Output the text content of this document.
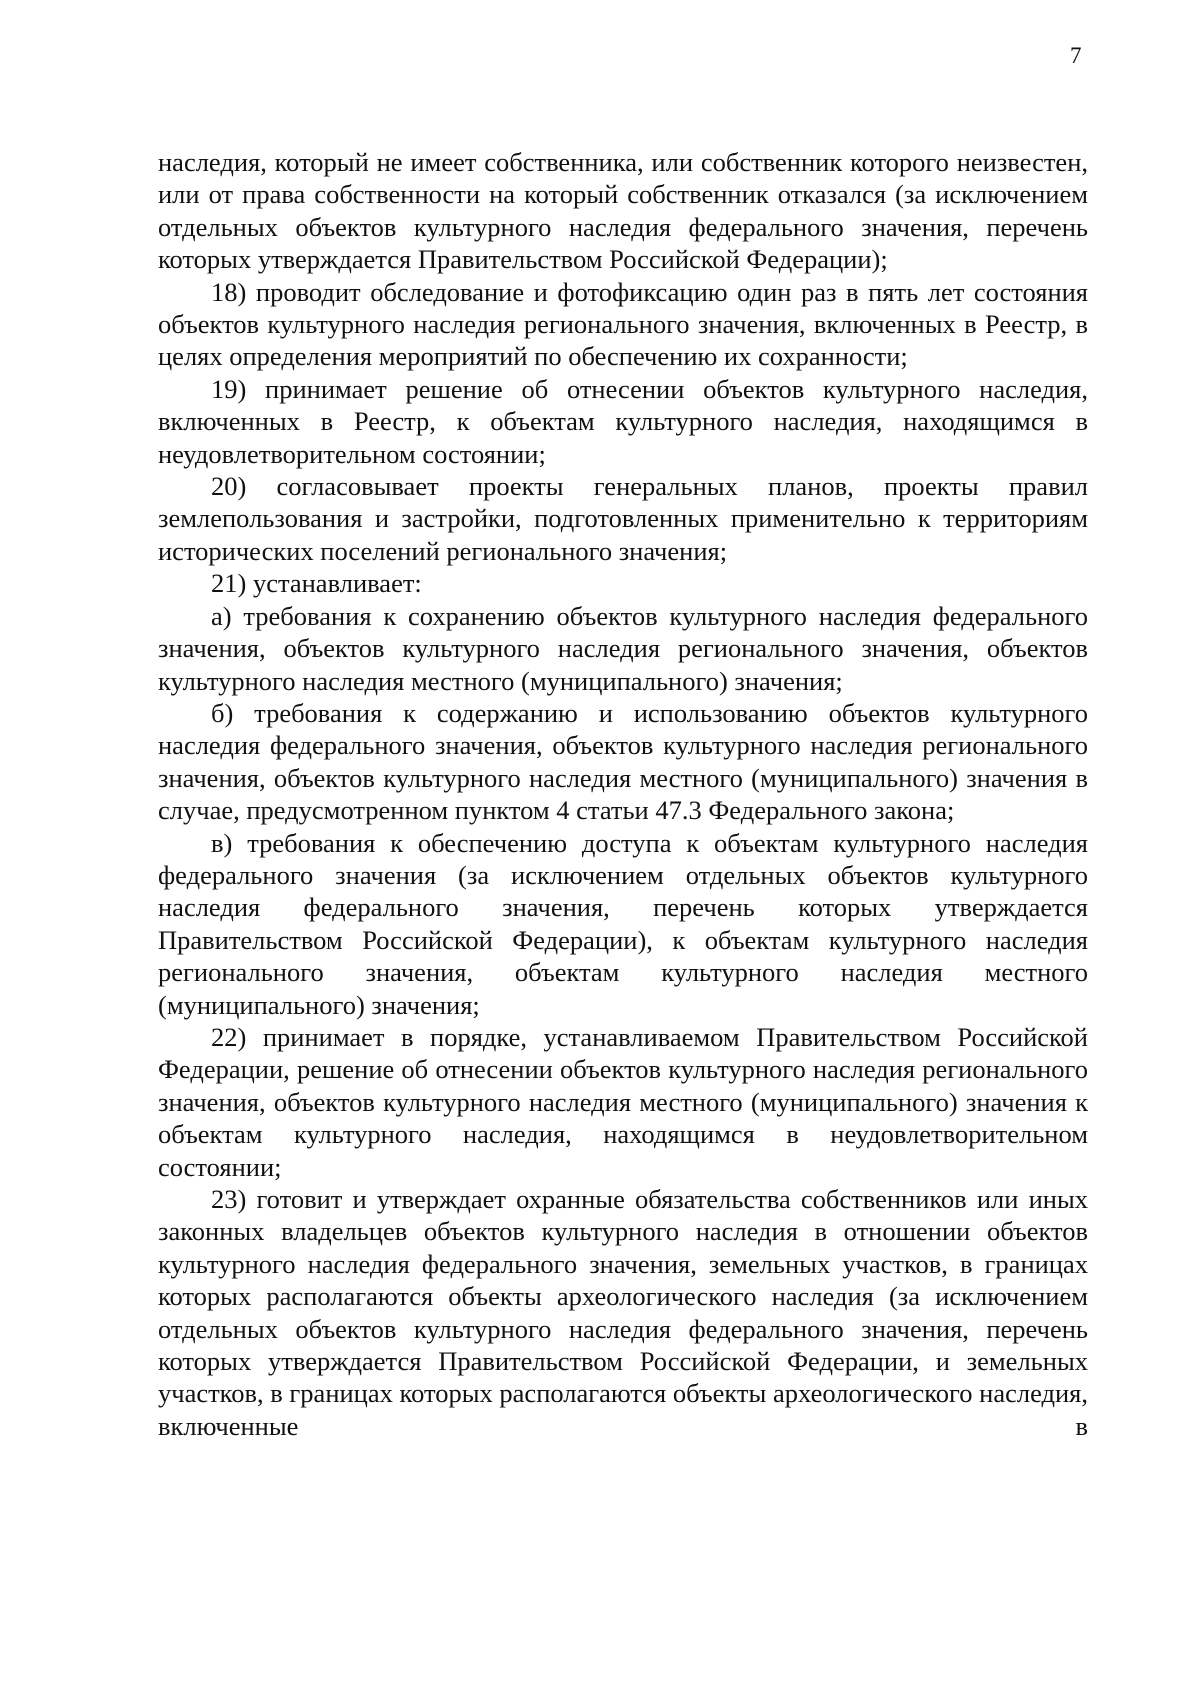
7

наследия, который не имеет собственника, или собственник которого неизвестен, или от права собственности на который собственник отказался (за исключением отдельных объектов культурного наследия федерального значения, перечень которых утверждается Правительством Российской Федерации);

18) проводит обследование и фотофиксацию один раз в пять лет состояния объектов культурного наследия регионального значения, включенных в Реестр, в целях определения мероприятий по обеспечению их сохранности;

19) принимает решение об отнесении объектов культурного наследия, включенных в Реестр, к объектам культурного наследия, находящимся в неудовлетворительном состоянии;

20) согласовывает проекты генеральных планов, проекты правил землепользования и застройки, подготовленных применительно к территориям исторических поселений регионального значения;

21) устанавливает:

а) требования к сохранению объектов культурного наследия федерального значения, объектов культурного наследия регионального значения, объектов культурного наследия местного (муниципального) значения;

б) требования к содержанию и использованию объектов культурного наследия федерального значения, объектов культурного наследия регионального значения, объектов культурного наследия местного (муниципального) значения в случае, предусмотренном пунктом 4 статьи 47.3 Федерального закона;

в) требования к обеспечению доступа к объектам культурного наследия федерального значения (за исключением отдельных объектов культурного наследия федерального значения, перечень которых утверждается Правительством Российской Федерации), к объектам культурного наследия регионального значения, объектам культурного наследия местного (муниципального) значения;

22) принимает в порядке, устанавливаемом Правительством Российской Федерации, решение об отнесении объектов культурного наследия регионального значения, объектов культурного наследия местного (муниципального) значения к объектам культурного наследия, находящимся в неудовлетворительном состоянии;

23) готовит и утверждает охранные обязательства собственников или иных законных владельцев объектов культурного наследия в отношении объектов культурного наследия федерального значения, земельных участков, в границах которых располагаются объекты археологического наследия (за исключением отдельных объектов культурного наследия федерального значения, перечень которых утверждается Правительством Российской Федерации, и земельных участков, в границах которых располагаются объекты археологического наследия, включенные в
